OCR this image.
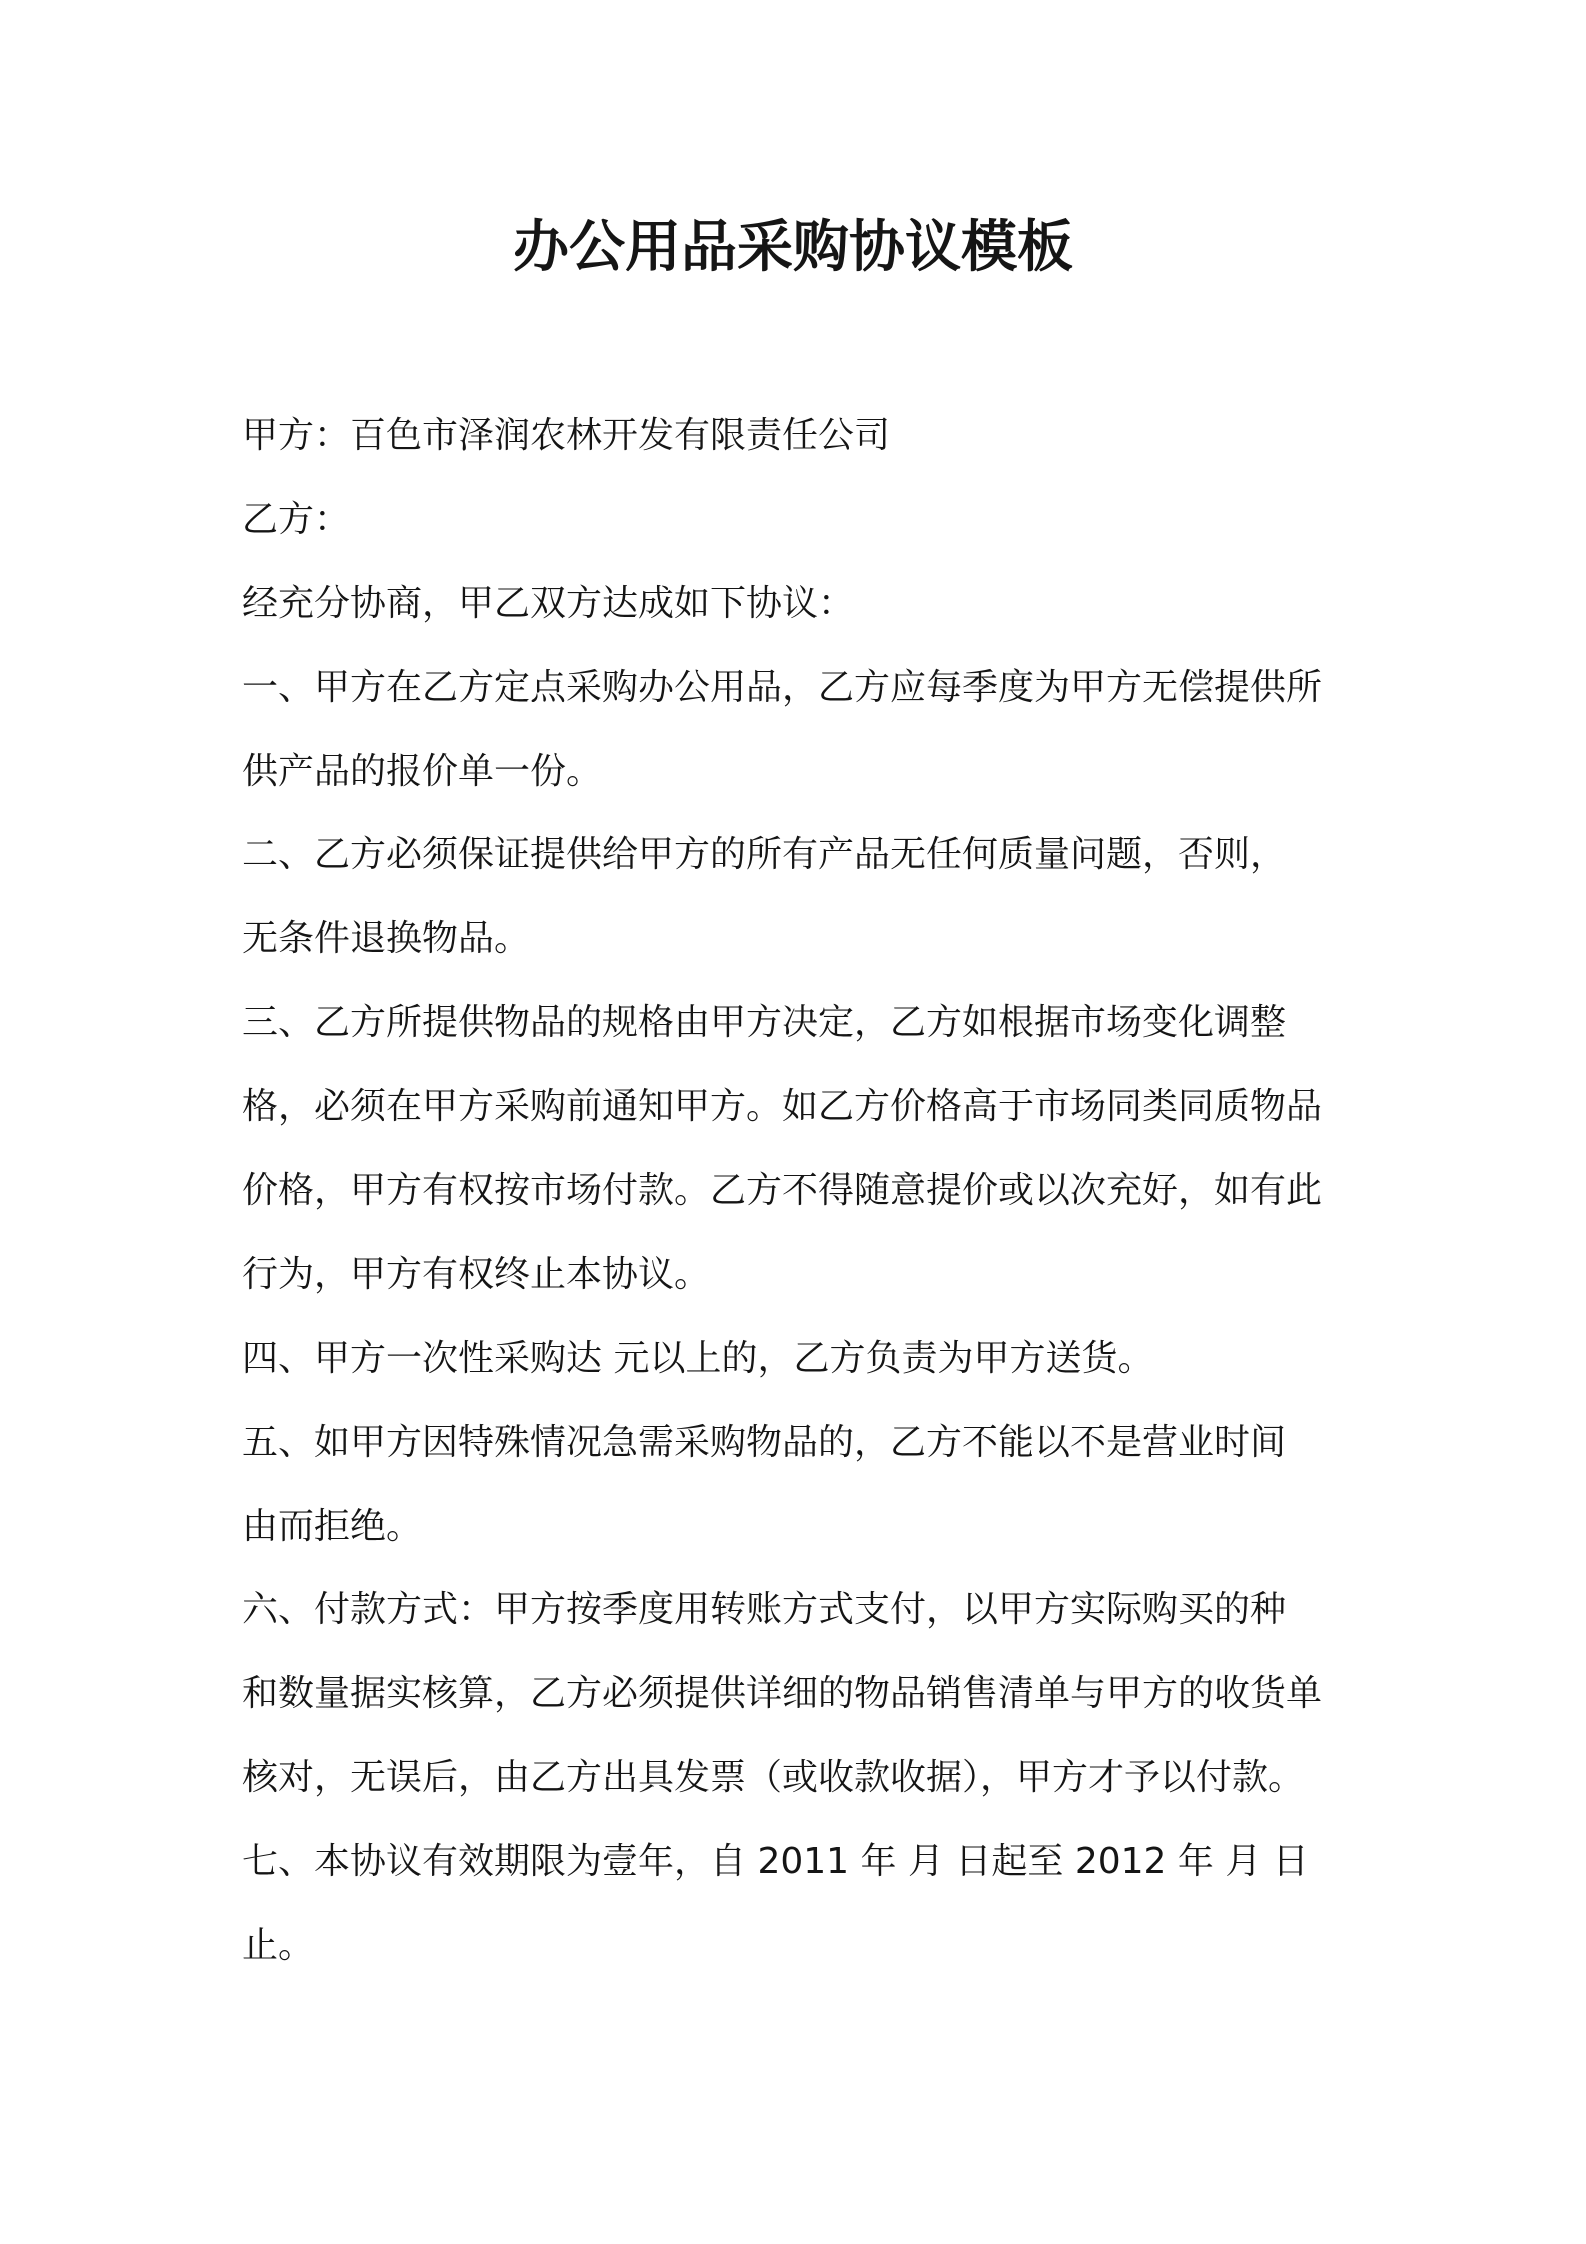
办公用品采购协议模板
甲方：百色市泽润农林开发有限责任公司
乙方：
经充分协商，甲乙双方达成如下协议：
一、甲方在乙方定点采购办公用品，乙方应每季度为甲方无偿提供所
供产品的报价单一份。
二、乙方必须保证提供给甲方的所有产品无任何质量问题，否则，
无条件退换物品。
三、乙方所提供物品的规格由甲方决定，乙方如根据市场变化调整
格，必须在甲方采购前通知甲方。如乙方价格高于市场同类同质物品
价格，甲方有权按市场付款。乙方不得随意提价或以次充好，如有此
行为，甲方有权终止本协议。
四、甲方一次性采购达 元以上的，乙方负责为甲方送货。
五、如甲方因特殊情况急需采购物品的，乙方不能以不是营业时间
由而拒绝。
六、付款方式：甲方按季度用转账方式支付，以甲方实际购买的种
和数量据实核算，乙方必须提供详细的物品销售清单与甲方的收货单
核对，无误后，由乙方出具发票（或收款收据），甲方才予以付款。
七、本协议有效期限为壹年，自 2011 年 月 日起至 2012 年 月 日
止。
